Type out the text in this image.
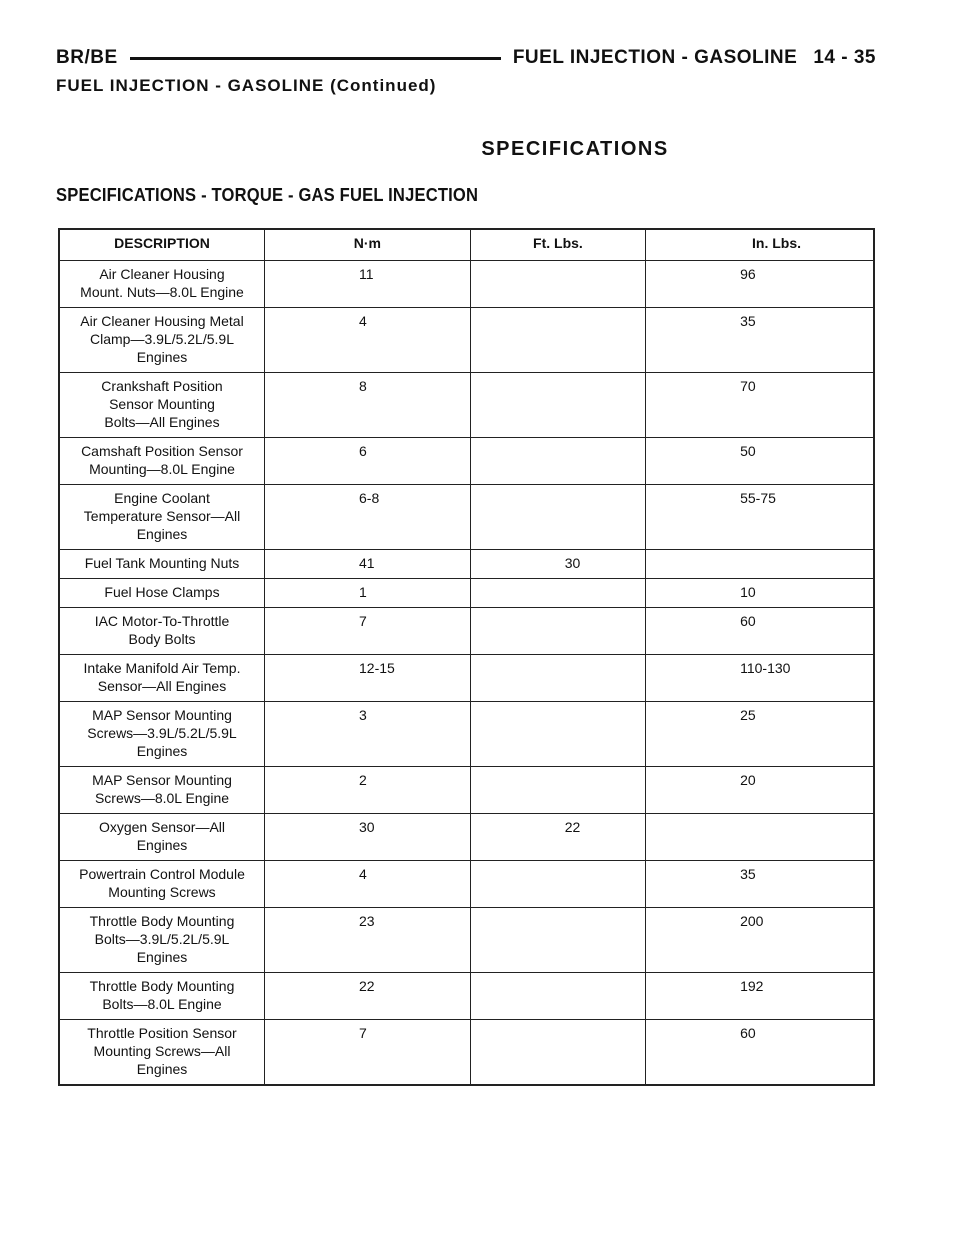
BR/BE	FUEL INJECTION - GASOLINE 14 - 35
FUEL INJECTION - GASOLINE (Continued)
SPECIFICATIONS
SPECIFICATIONS - TORQUE - GAS FUEL INJECTION
DESCRIPTION	N·m	Ft. Lbs.	In. Lbs.
Air Cleaner Housing
Mount. Nuts—8.0L Engine	11		96
Air Cleaner Housing Metal
Clamp—3.9L/5.2L/5.9L
Engines	4		35
Crankshaft Position
Sensor Mounting
Bolts—All Engines	8		70
Camshaft Position Sensor
Mounting—8.0L Engine	6		50
Engine Coolant
Temperature Sensor—All
Engines	6-8		55-75
Fuel Tank Mounting Nuts	41	30	
Fuel Hose Clamps	1		10
IAC Motor-To-Throttle
Body Bolts	7		60
Intake Manifold Air Temp.
Sensor—All Engines	12-15		110-130
MAP Sensor Mounting
Screws—3.9L/5.2L/5.9L
Engines	3		25
MAP Sensor Mounting
Screws—8.0L Engine	2		20
Oxygen Sensor—All
Engines	30	22	
Powertrain Control Module
Mounting Screws	4		35
Throttle Body Mounting
Bolts—3.9L/5.2L/5.9L
Engines	23		200
Throttle Body Mounting
Bolts—8.0L Engine	22		192
Throttle Position Sensor
Mounting Screws—All
Engines	7		60
